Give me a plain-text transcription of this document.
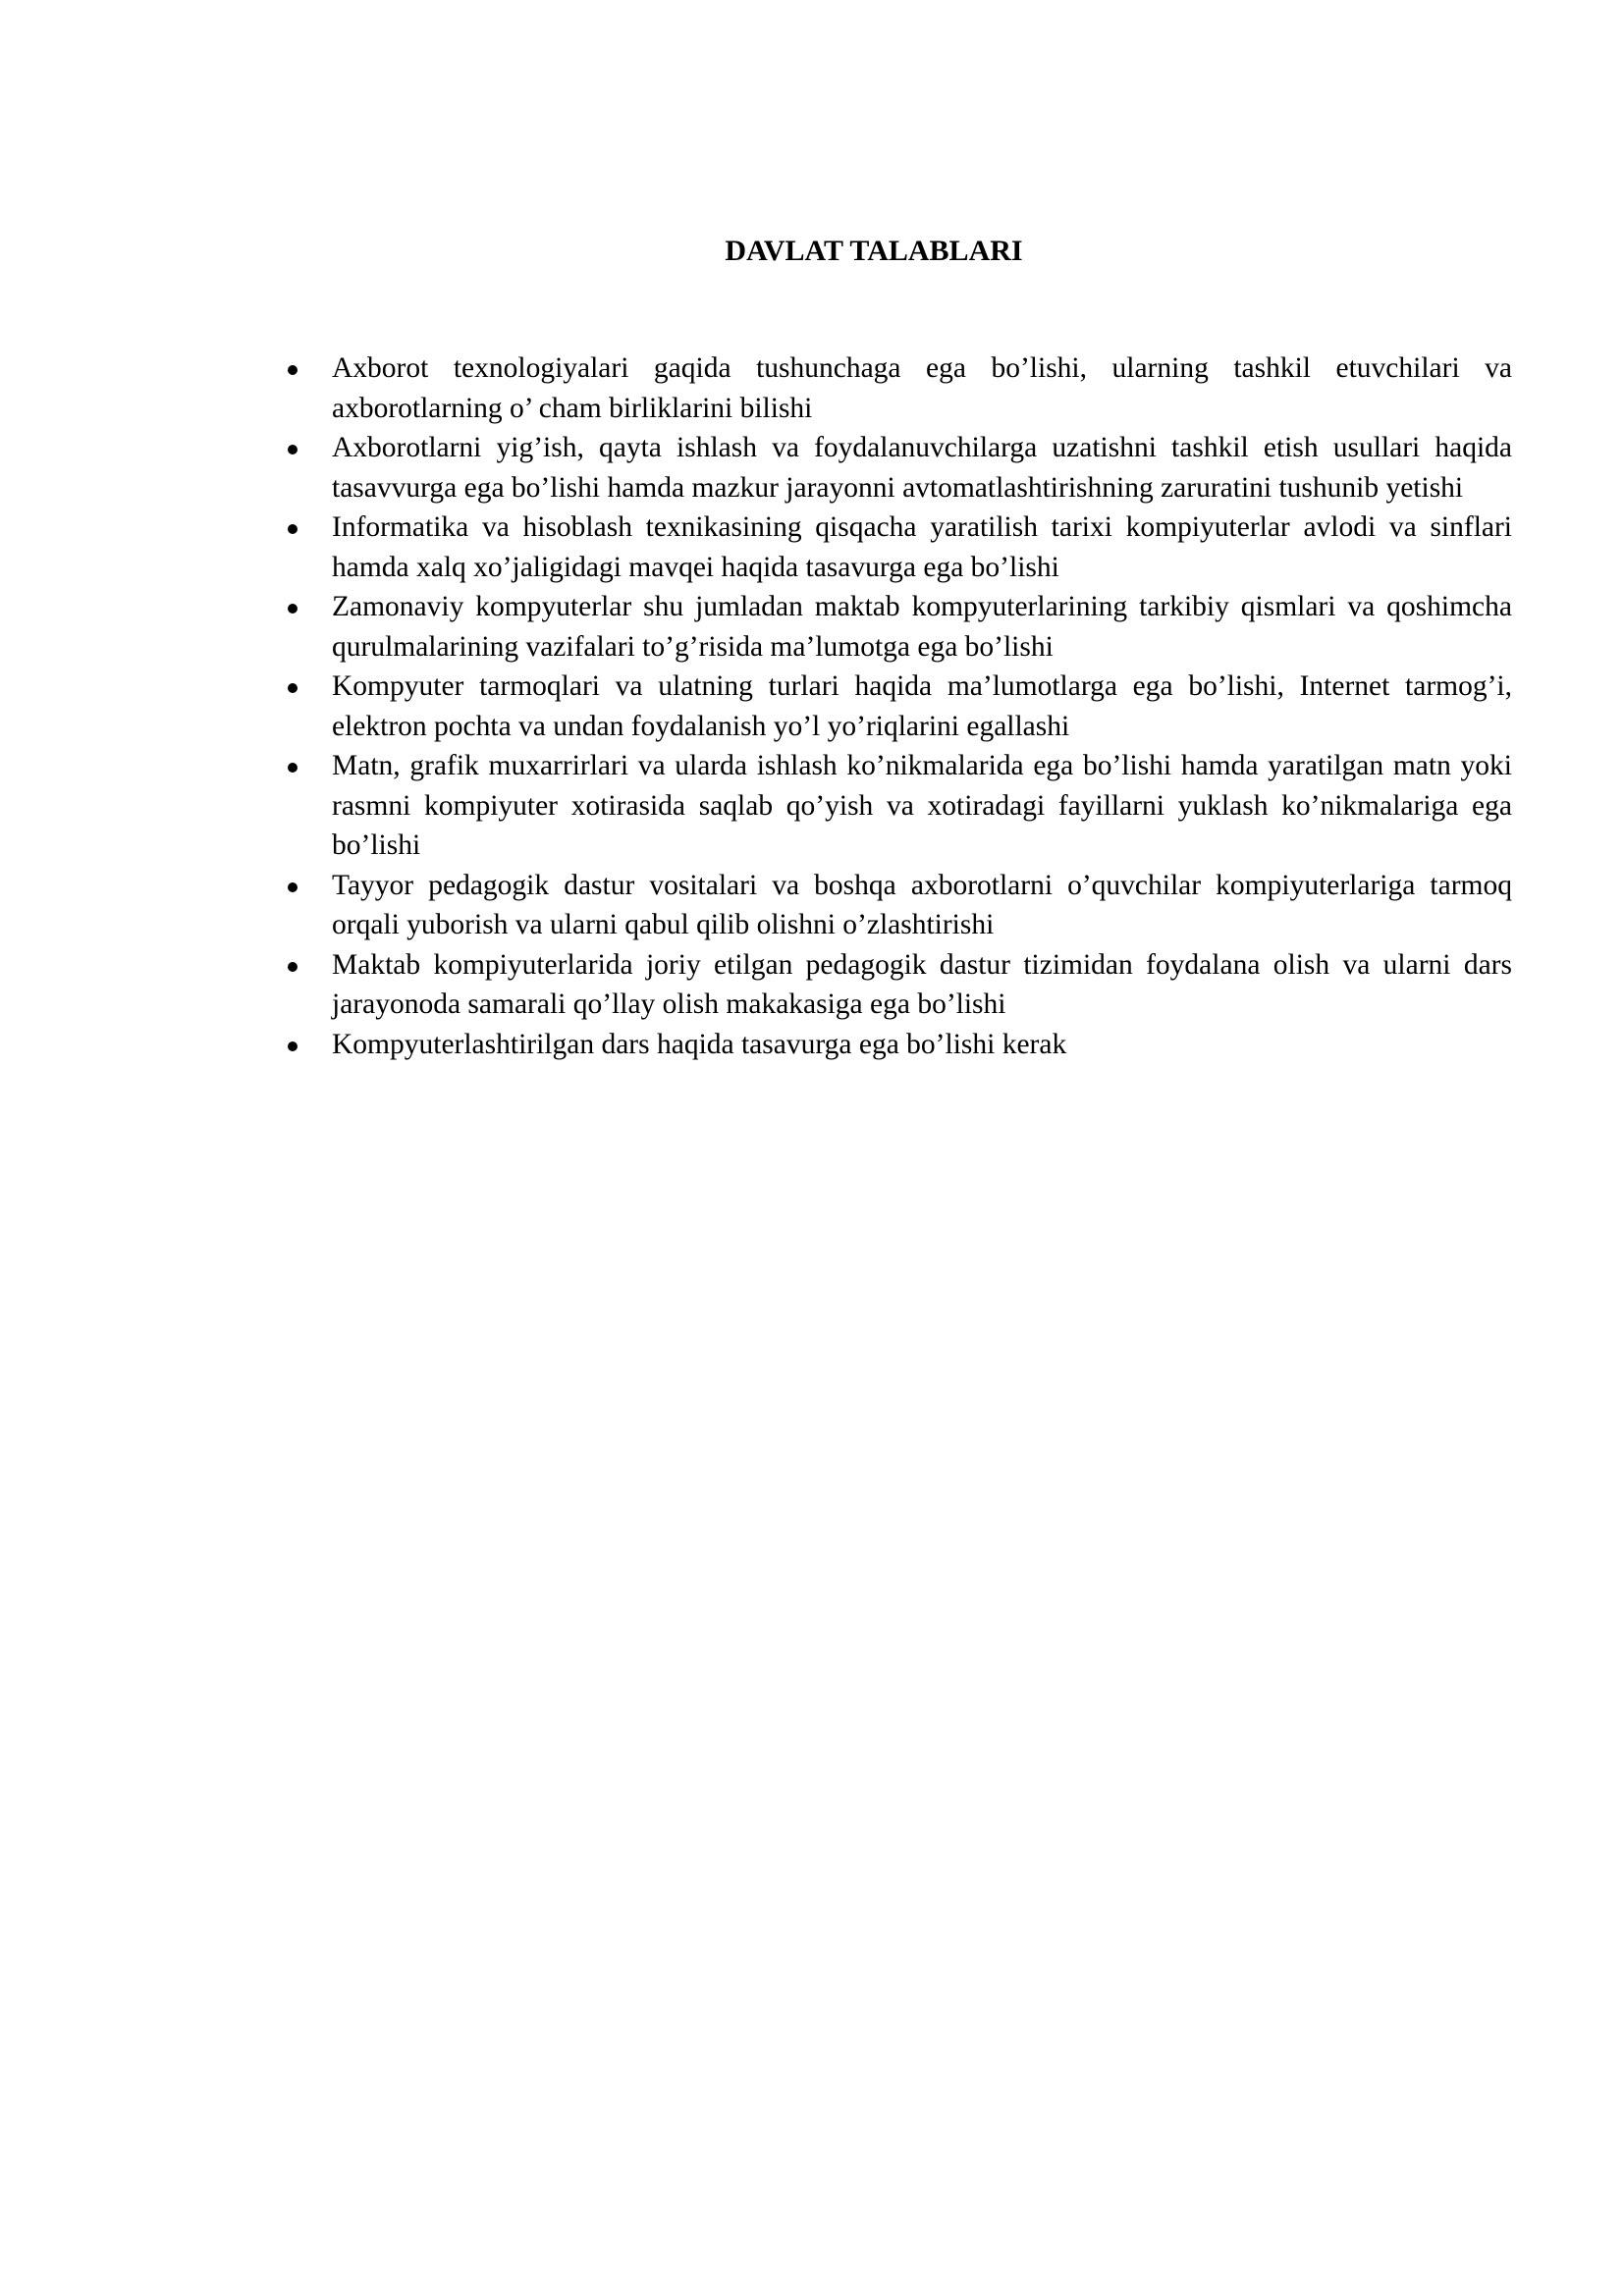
DAVLAT TALABLARI
Axborot texnologiyalari gaqida tushunchaga ega bo’lishi, ularning tashkil etuvchilari va axborotlarning o’ cham birliklarini bilishi
Axborotlarni yig’ish, qayta ishlash va foydalanuvchilarga uzatishni tashkil etish usullari haqida tasavvurga ega bo’lishi hamda mazkur jarayonni avtomatlashtirishning zaruratini tushunib yetishi
Informatika va hisoblash texnikasining qisqacha yaratilish tarixi kompiyuterlar avlodi va sinflari hamda xalq xo’jaligidagi mavqei haqida tasavurga ega bo’lishi
Zamonaviy kompyuterlar shu jumladan maktab kompyuterlarining tarkibiy qismlari va qoshimcha qurulmalarining vazifalari to’g’risida ma’lumotga ega bo’lishi
Kompyuter tarmoqlari va ulatning turlari haqida ma’lumotlarga ega bo’lishi, Internet tarmog’i, elektron pochta va undan foydalanish yo’l yo’riqlarini egallashi
Matn, grafik muxarrirlari va ularda ishlash ko’nikmalarida ega bo’lishi hamda yaratilgan matn yoki rasmni kompiyuter xotirasida saqlab qo’yish va xotiradagi fayillarni yuklash ko’nikmalariga ega bo’lishi
Tayyor pedagogik dastur vositalari va boshqa axborotlarni o’quvchilar kompiyuterlariga tarmoq orqali yuborish va ularni qabul qilib olishni o’zlashtirishi
Maktab kompiyuterlarida joriy etilgan pedagogik dastur tizimidan foydalana olish va ularni dars jarayonoda samarali qo’llay olish makakasiga ega bo’lishi
Kompyuterlashtirilgan dars haqida tasavurga ega bo’lishi kerak
